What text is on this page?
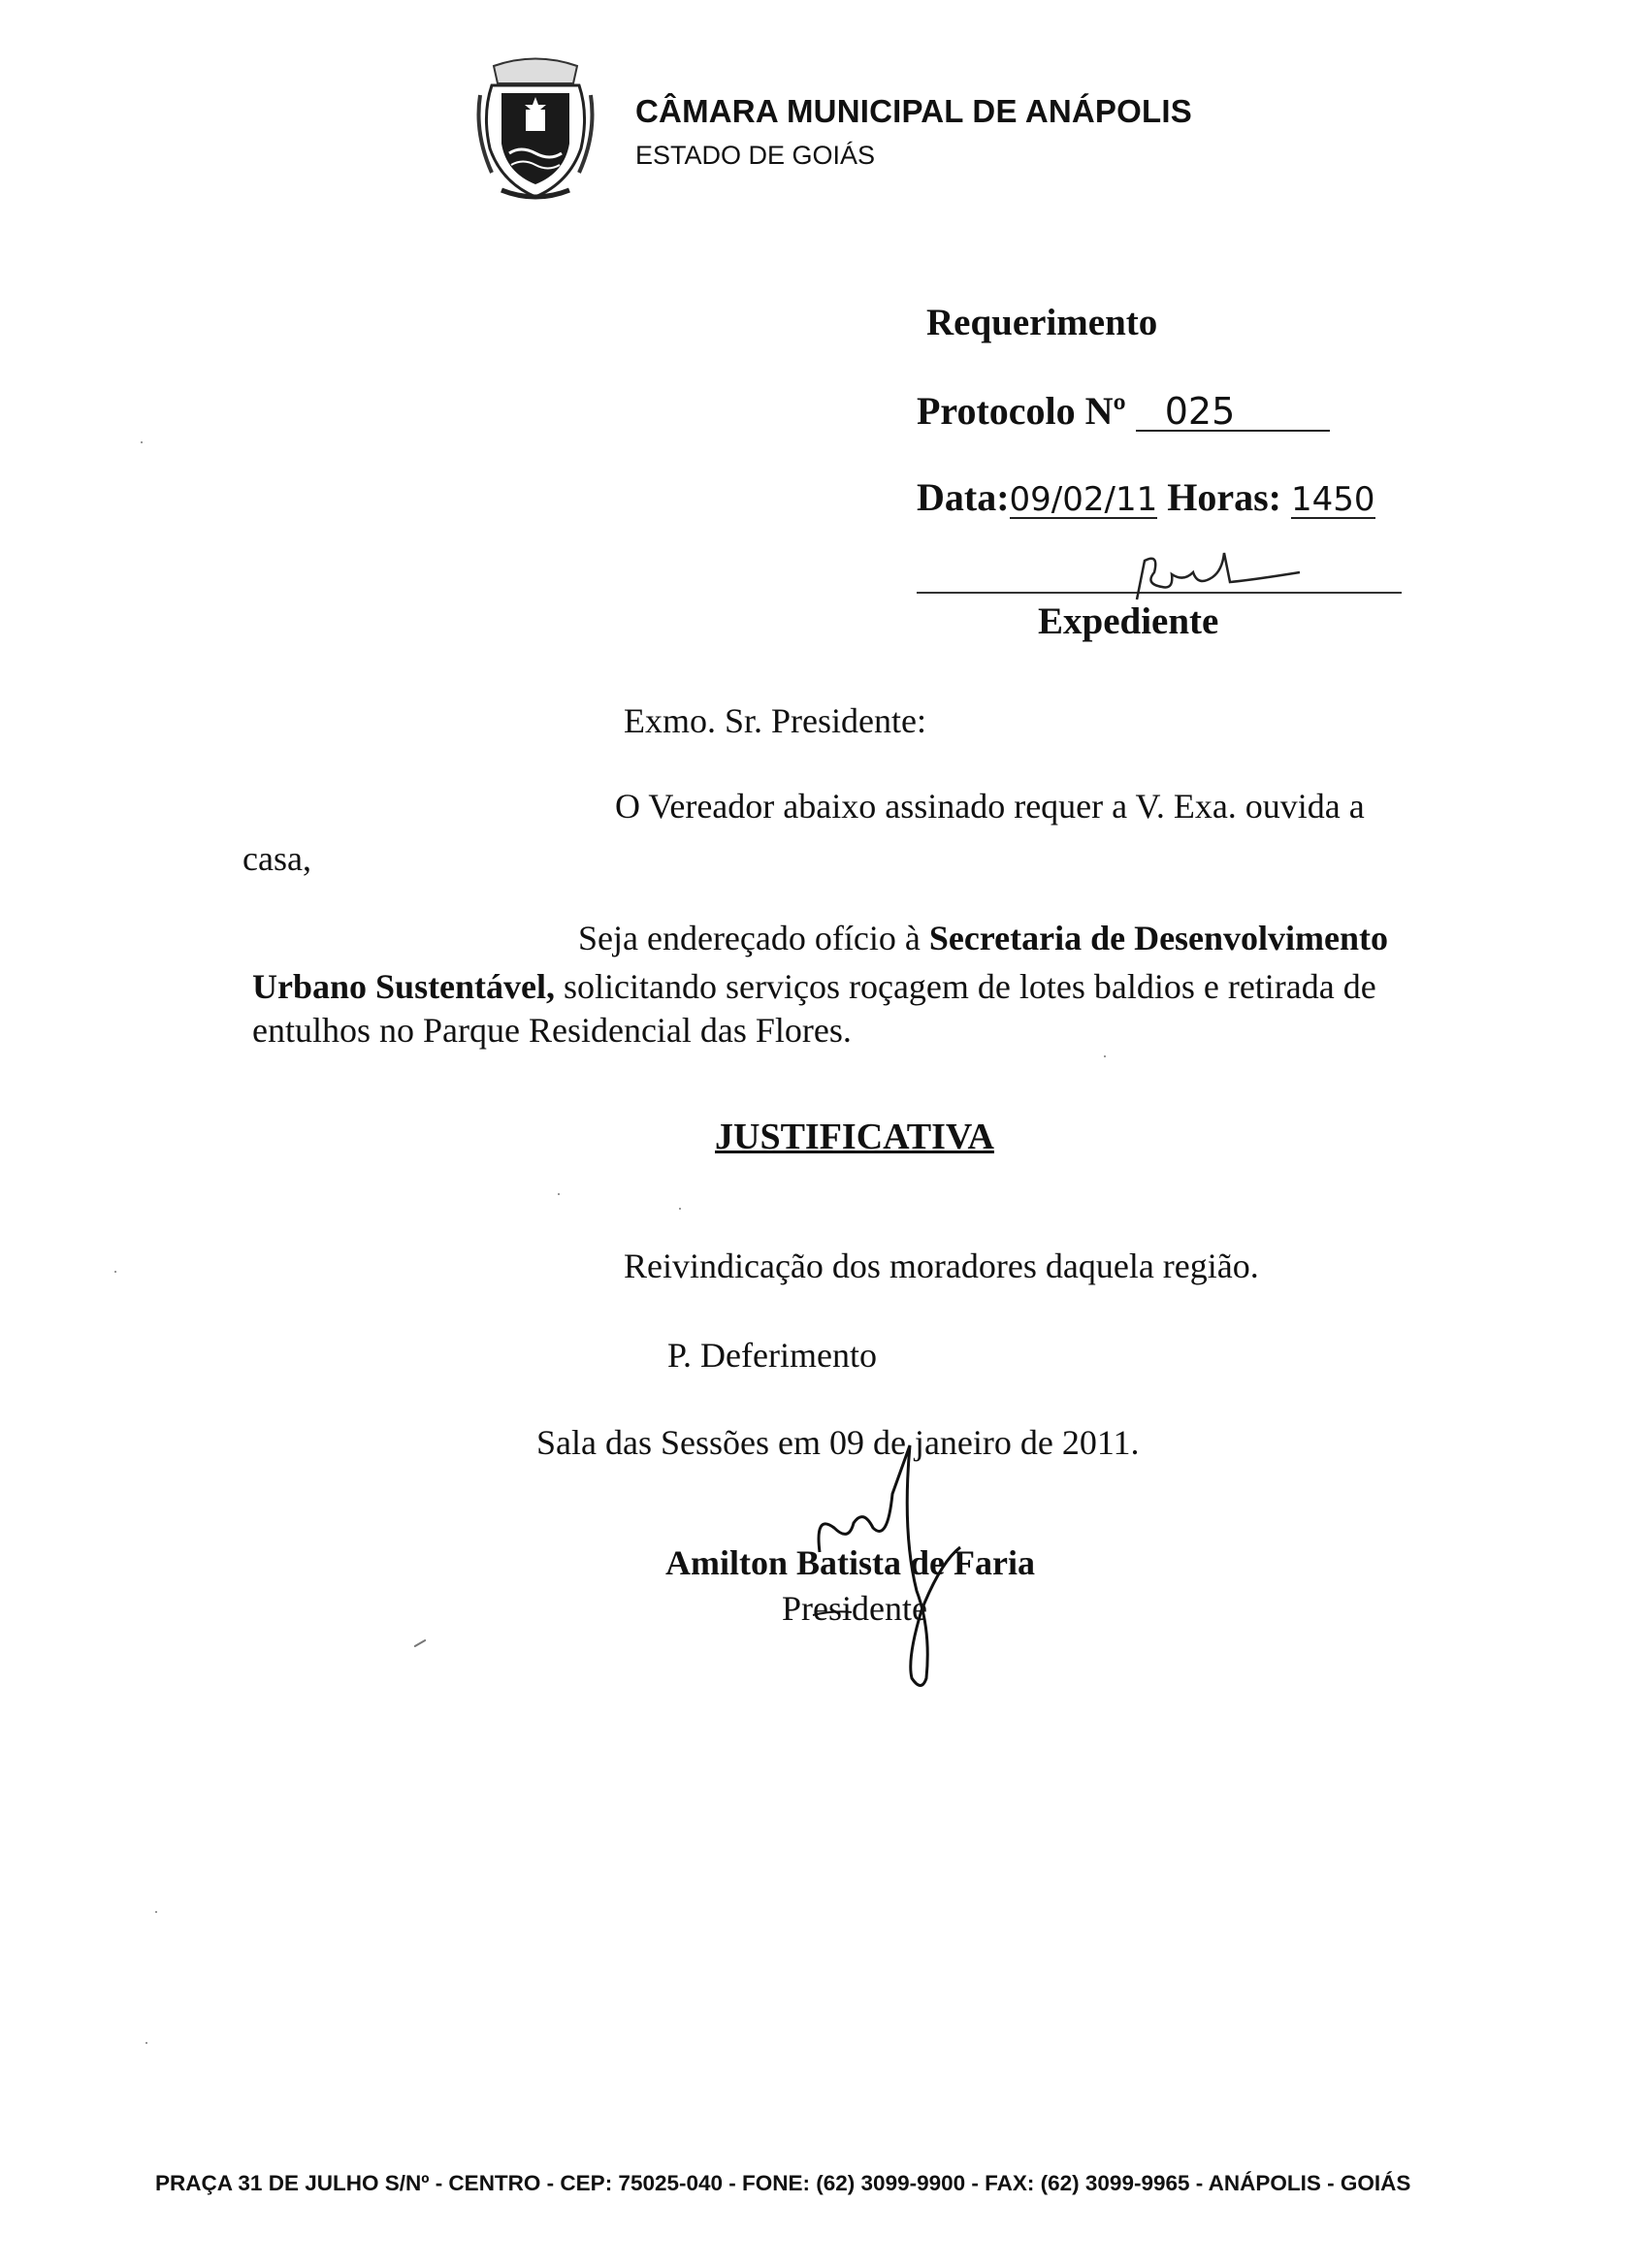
CÂMARA MUNICIPAL DE ANÁPOLIS
ESTADO DE GOIÁS
Requerimento
Protocolo Nº 025
Data:09/02/11 Horas: 1450
Expediente
Exmo. Sr. Presidente:
O Vereador abaixo assinado requer a V. Exa. ouvida a
casa,
Seja endereçado ofício à Secretaria de Desenvolvimento
Urbano Sustentável, solicitando serviços roçagem de lotes baldios e retirada de
entulhos no Parque Residencial das Flores.
JUSTIFICATIVA
Reivindicação dos moradores daquela região.
P. Deferimento
Sala das Sessões em 09 de janeiro de 2011.
Amilton Batista de Faria
Presidente
PRAÇA 31 DE JULHO S/Nº - CENTRO - CEP: 75025-040 - FONE: (62) 3099-9900 - FAX: (62) 3099-9965 - ANÁPOLIS - GOIÁS
